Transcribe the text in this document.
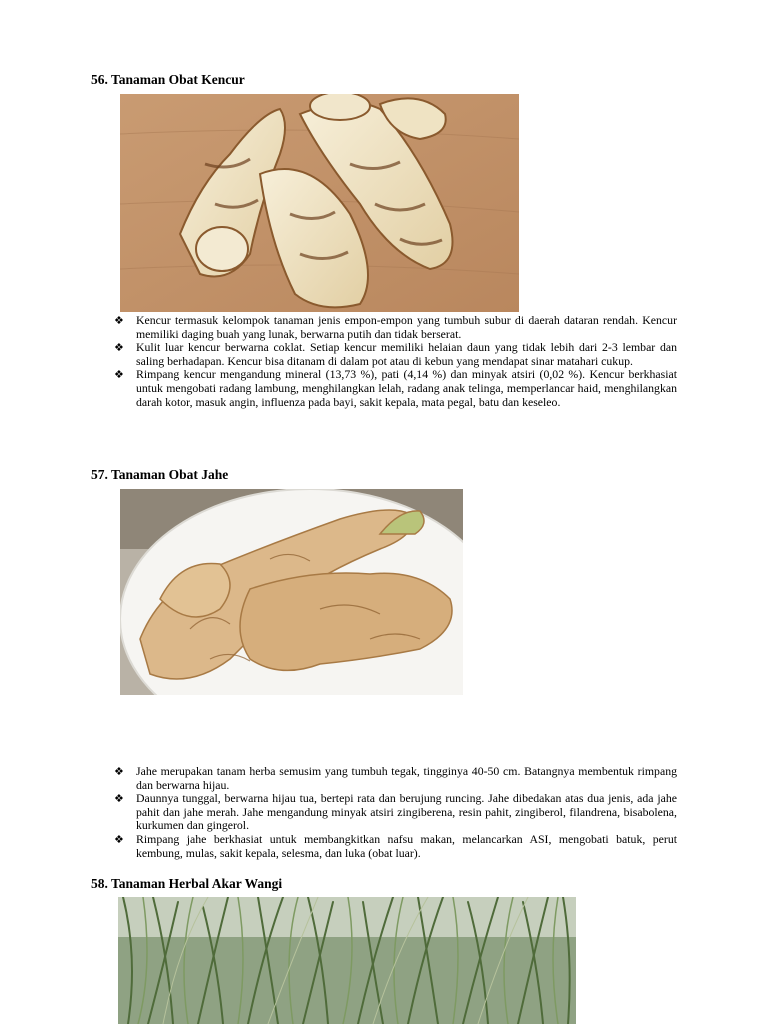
56. Tanaman Obat Kencur
❖ Kencur termasuk kelompok tanaman jenis empon-empon yang tumbuh subur di daerah dataran rendah. Kencur memiliki daging buah yang lunak, berwarna putih dan tidak berserat.
❖ Kulit luar kencur berwarna coklat. Setiap kencur memiliki helaian daun yang tidak lebih dari 2-3 lembar dan saling berhadapan. Kencur bisa ditanam di dalam pot atau di kebun yang mendapat sinar matahari cukup.
❖ Rimpang kencur mengandung mineral (13,73 %), pati (4,14 %) dan minyak atsiri (0,02 %). Kencur berkhasiat untuk mengobati radang lambung, menghilangkan lelah, radang anak telinga, memperlancar haid, menghilangkan darah kotor, masuk angin, influenza pada bayi, sakit kepala, mata pegal, batu dan keseleo.
57. Tanaman Obat Jahe
❖ Jahe merupakan tanam herba semusim yang tumbuh tegak, tingginya 40-50 cm. Batangnya membentuk rimpang dan berwarna hijau.
❖ Daunnya tunggal, berwarna hijau tua, bertepi rata dan berujung runcing. Jahe dibedakan atas dua jenis, ada jahe pahit dan jahe merah. Jahe mengandung minyak atsiri zingiberena, resin pahit, zingiberol, filandrena, bisabolena, kurkumen dan gingerol.
❖ Rimpang jahe berkhasiat untuk membangkitkan nafsu makan, melancarkan ASI, mengobati batuk, perut kembung, mulas, sakit kepala, selesma, dan luka (obat luar).
58. Tanaman Herbal Akar Wangi
